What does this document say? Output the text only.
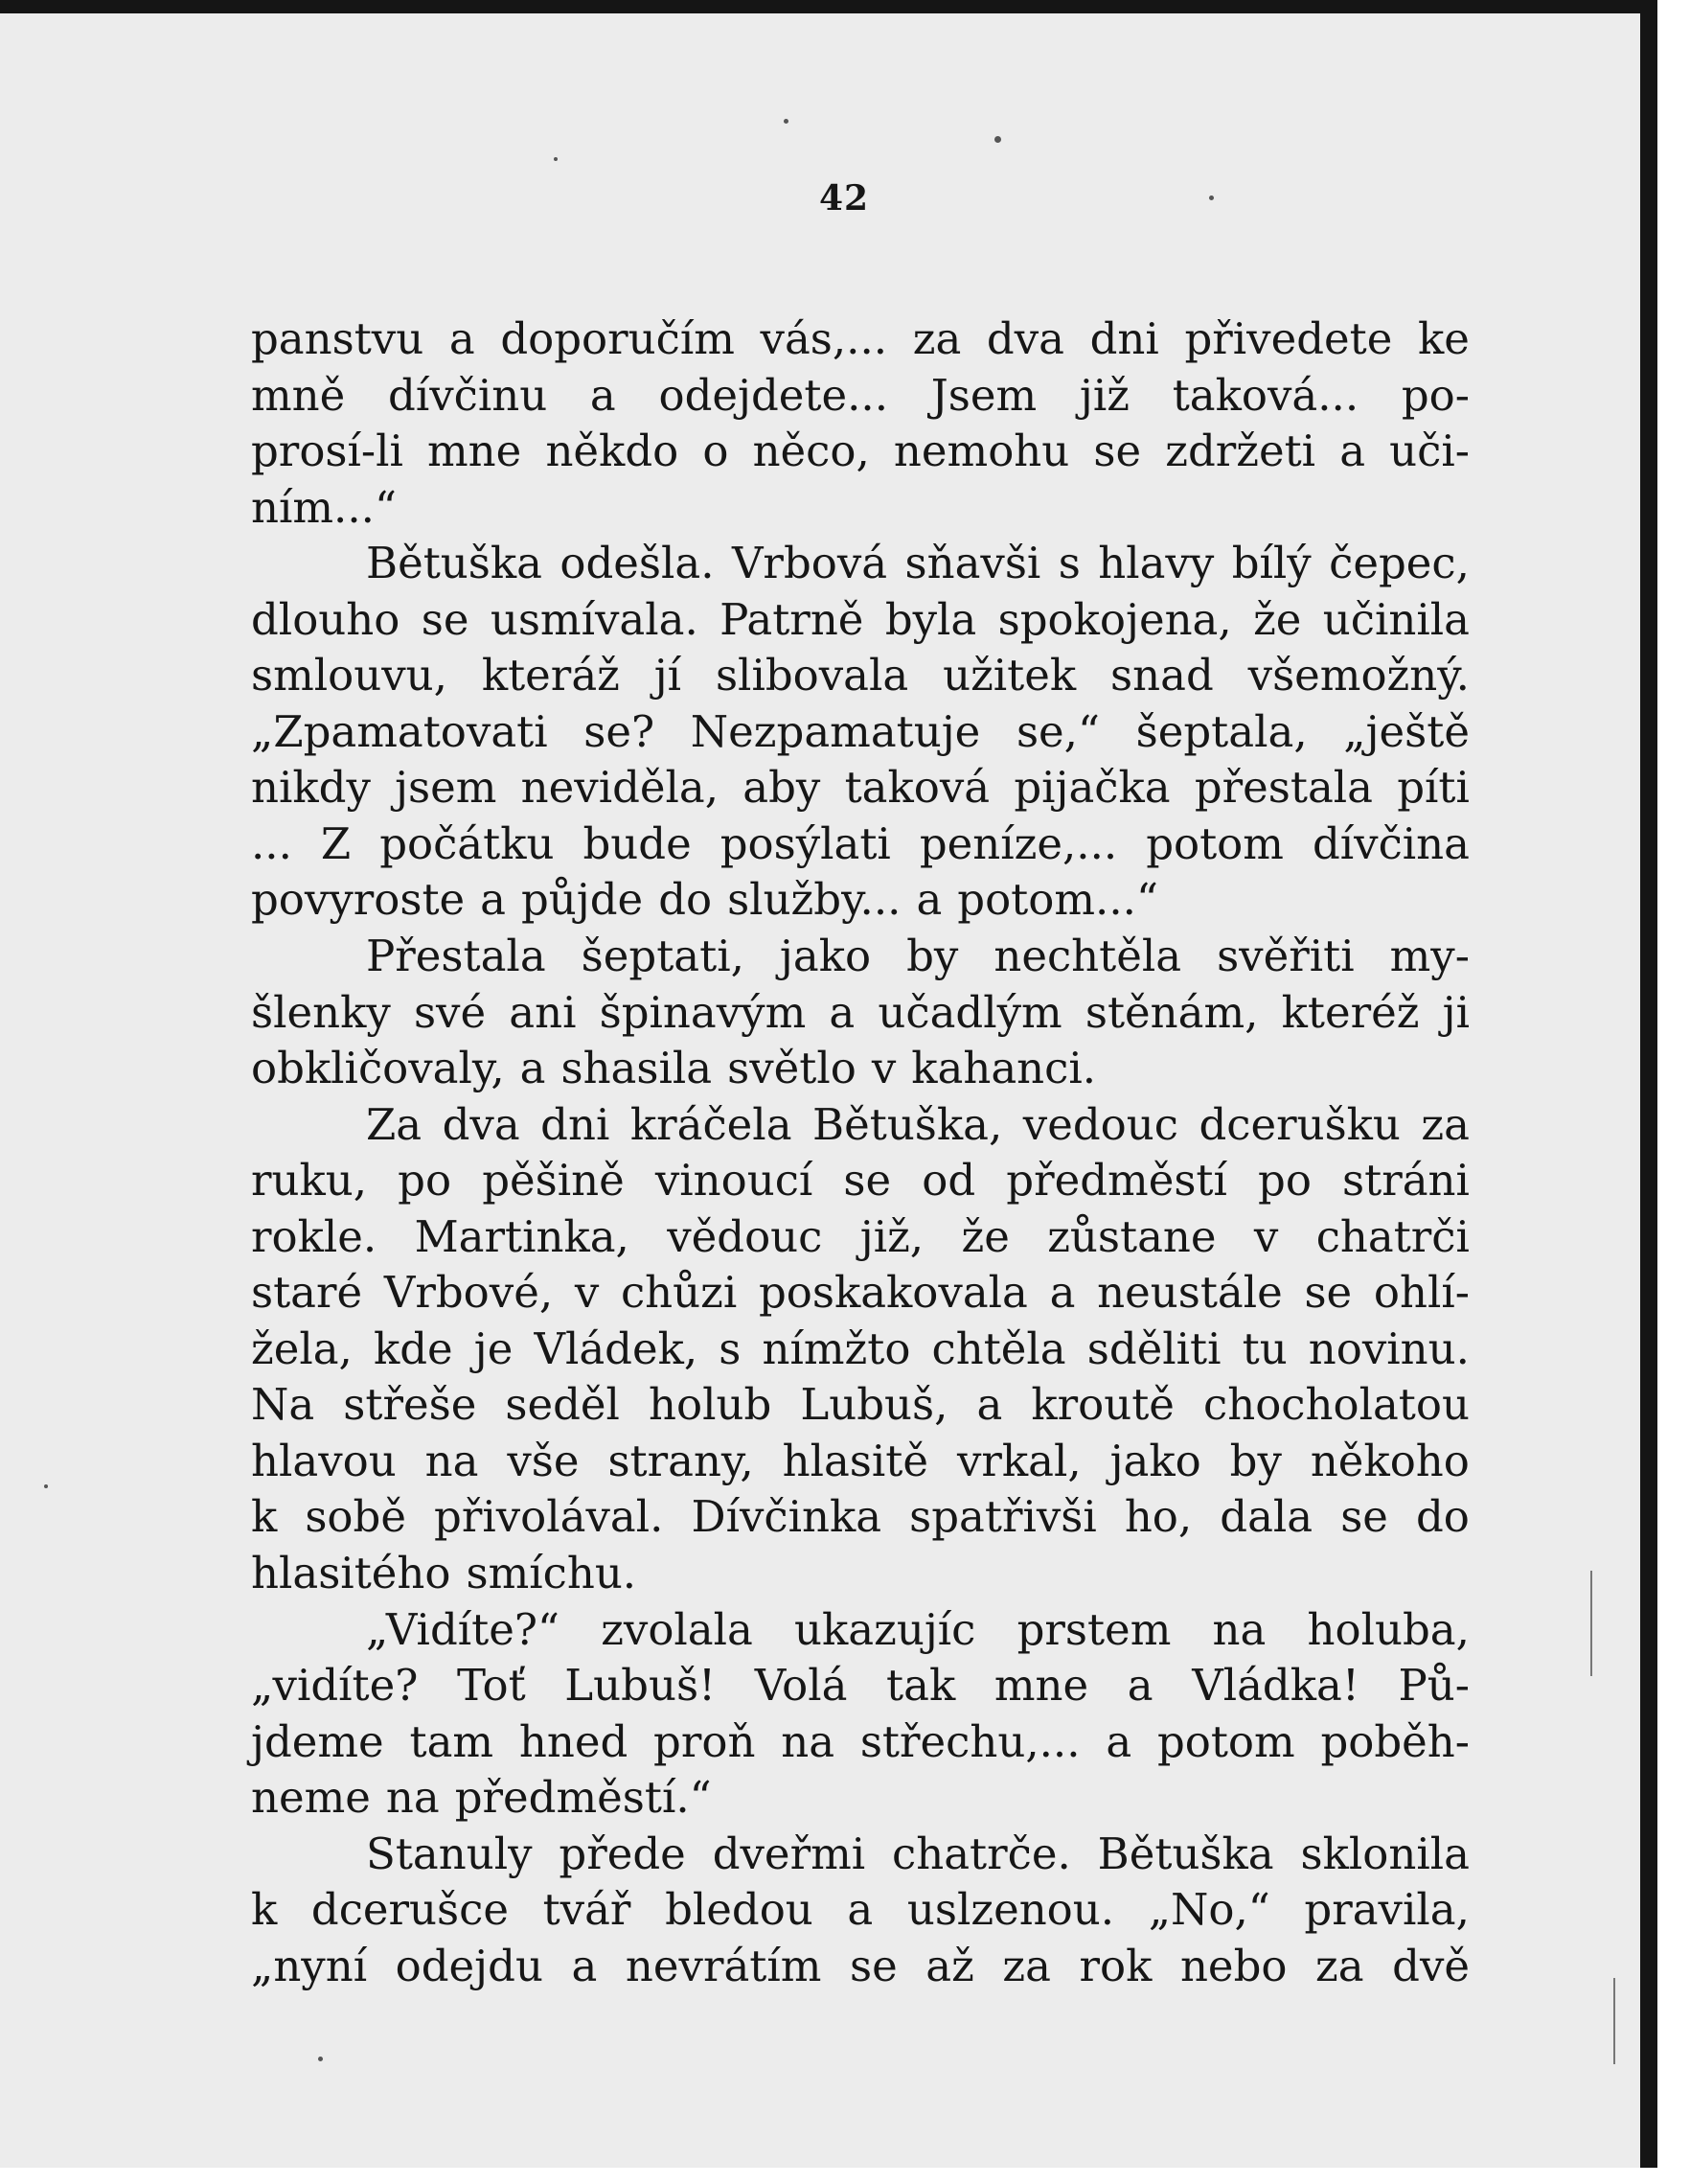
42
panstvu a doporučím vás,... za dva dni přivedete ke
mně dívčinu a odejdete... Jsem již taková... po-
prosí-li mne někdo o něco, nemohu se zdržeti a uči-
ním...“
Bětuška odešla. Vrbová sňavši s hlavy bílý čepec,
dlouho se usmívala. Patrně byla spokojena, že učinila
smlouvu, kteráž jí slibovala užitek snad všemožný.
„Zpamatovati se? Nezpamatuje se,“ šeptala, „ještě
nikdy jsem neviděla, aby taková pijačka přestala píti
... Z počátku bude posýlati peníze,... potom dívčina
povyroste a půjde do služby... a potom...“
Přestala šeptati, jako by nechtěla svěřiti my-
šlenky své ani špinavým a učadlým stěnám, kteréž ji
obkličovaly, a shasila světlo v kahanci.
Za dva dni kráčela Bětuška, vedouc dcerušku za
ruku, po pěšině vinoucí se od předměstí po stráni
rokle. Martinka, vědouc již, že zůstane v chatrči
staré Vrbové, v chůzi poskakovala a neustále se ohlí-
žela, kde je Vládek, s nímžto chtěla sděliti tu novinu.
Na střeše seděl holub Lubuš, a kroutě chocholatou
hlavou na vše strany, hlasitě vrkal, jako by někoho
k sobě přivolával. Dívčinka spatřivši ho, dala se do
hlasitého smíchu.
„Vidíte?“ zvolala ukazujíc prstem na holuba,
„vidíte? Toť Lubuš! Volá tak mne a Vládka! Pů-
jdeme tam hned proň na střechu,... a potom poběh-
neme na předměstí.“
Stanuly přede dveřmi chatrče. Bětuška sklonila
k dcerušce tvář bledou a uslzenou. „No,“ pravila,
„nyní odejdu a nevrátím se až za rok nebo za dvě
